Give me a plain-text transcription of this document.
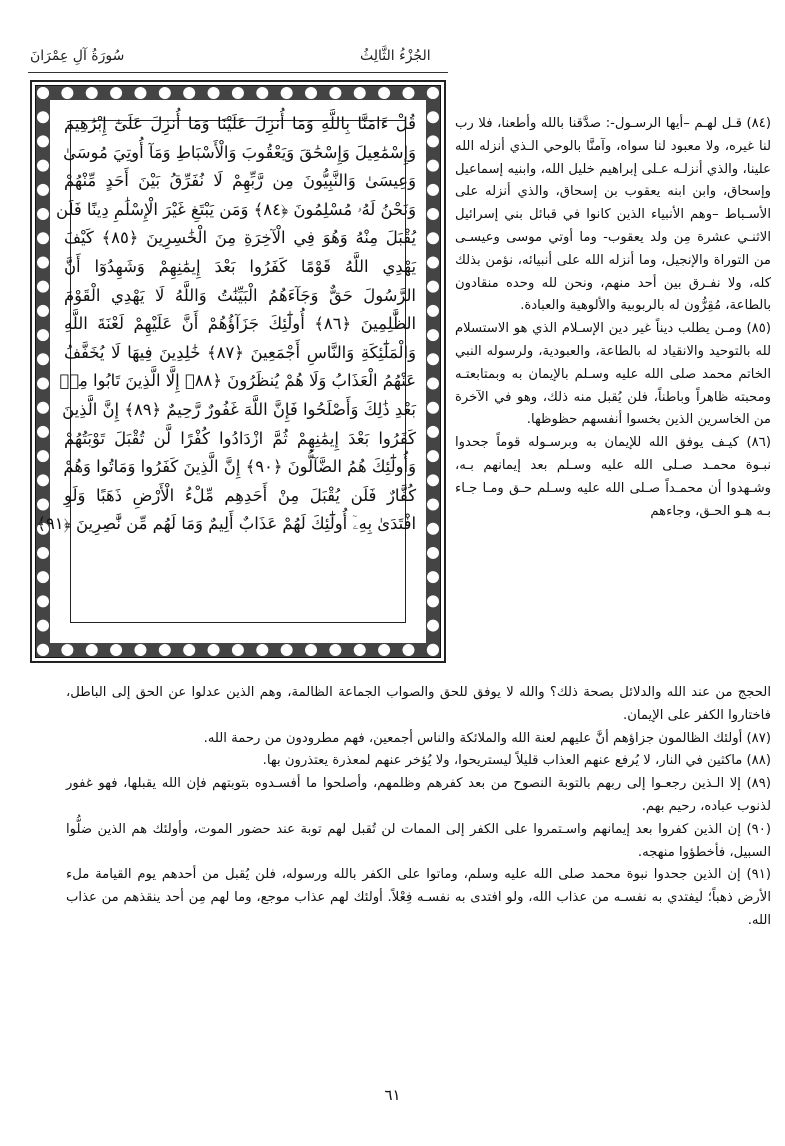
سُورَةُ آلِ عِمْرَانَ	الجُزْءُ الثَّالِثُ
قُلْ ءَامَنَّا بِاللَّهِ وَمَا أُنزِلَ عَلَيْنَا وَمَا أُنزِلَ عَلَىٰٓ إِبْرَٰهِيمَ
وَإِسْمَٰعِيلَ وَإِسْحَٰقَ وَيَعْقُوبَ وَالْأَسْبَاطِ وَمَآ أُوتِيَ مُوسَىٰ
وَعِيسَىٰ وَالنَّبِيُّونَ مِن رَّبِّهِمْ لَا نُفَرِّقُ بَيْنَ أَحَدٍ مِّنْهُمْ
وَنَحْنُ لَهُۥ مُسْلِمُونَ ﴿٨٤﴾ وَمَن يَبْتَغِ غَيْرَ الْإِسْلَٰمِ دِينًا فَلَن
يُقْبَلَ مِنْهُ وَهُوَ فِي الْآخِرَةِ مِنَ الْخَٰسِرِينَ ﴿٨٥﴾ كَيْفَ
يَهْدِي اللَّهُ قَوْمًا كَفَرُوا بَعْدَ إِيمَٰنِهِمْ وَشَهِدُوٓا أَنَّ
الرَّسُولَ حَقٌّ وَجَآءَهُمُ الْبَيِّنَٰتُ وَاللَّهُ لَا يَهْدِي الْقَوْمَ
الظَّٰلِمِينَ ﴿٨٦﴾ أُولَٰٓئِكَ جَزَآؤُهُمْ أَنَّ عَلَيْهِمْ لَعْنَةَ اللَّهِ
وَالْمَلَٰٓئِكَةِ وَالنَّاسِ أَجْمَعِينَ ﴿٨٧﴾ خَٰلِدِينَ فِيهَا لَا يُخَفَّفُ
عَنْهُمُ الْعَذَابُ وَلَا هُمْ يُنظَرُونَ ﴿٨٨﴾ إِلَّا الَّذِينَ تَابُوا مِنۢ
بَعْدِ ذَٰلِكَ وَأَصْلَحُوا فَإِنَّ اللَّهَ غَفُورٌ رَّحِيمٌ ﴿٨٩﴾ إِنَّ الَّذِينَ
كَفَرُوا بَعْدَ إِيمَٰنِهِمْ ثُمَّ ازْدَادُوا كُفْرًا لَّن تُقْبَلَ تَوْبَتُهُمْ
وَأُولَٰٓئِكَ هُمُ الضَّآلُّونَ ﴿٩٠﴾ إِنَّ الَّذِينَ كَفَرُوا وَمَاتُوا وَهُمْ
كُفَّارٌ فَلَن يُقْبَلَ مِنْ أَحَدِهِم مِّلْءُ الْأَرْضِ ذَهَبًا وَلَوِ
افْتَدَىٰ بِهِۦٓ أُولَٰٓئِكَ لَهُمْ عَذَابٌ أَلِيمٌ وَمَا لَهُم مِّن نَّٰصِرِينَ ﴿٩١﴾

(٨٤) قـل لهـم –أيها الرسـول-: صدَّقنا بالله وأطعنا، فلا رب لنا غيره، ولا معبود لنا سواه، وآمنَّا بالوحي الـذي أنزله الله علينا، والذي أنزلـه عـلى إبراهيم خليل الله، وابنيه إسماعيل وإسحاق، وابن ابنه يعقوب بن إسحاق، والذي أنزله على الأسـباط –وهم الأنبياء الذين كانوا في قبائل بني إسرائيل الاثنـي عشرة مِن ولد يعقوب- وما أوتي موسى وعيسـى من التوراة والإنجيل، وما أنزله الله على أنبيائه، نؤمن بذلك كله، ولا نفـرق بين أحد منهم، ونحن لله وحده منقادون بالطاعة، مُقِرُّون له بالربوبية والألوهية والعبادة.

(٨٥) ومـن يطلب ديناً غير دين الإسـلام الذي هو الاستسلام لله بالتوحيد والانقياد له بالطاعة، والعبودية، ولرسوله النبي الخاتم محمد صلى الله عليه وسـلم بالإيمان به وبمتابعتـه ومحبته ظاهراً وباطناً، فلن يُقبل منه ذلك، وهو في الآخرة من الخاسرين الذين بخسوا أنفسهم حظوظها.

(٨٦) كيـف يوفق الله للإيمان به وبرسـوله قوماً جحدوا نبـوة محمـد صـلى الله عليه وسـلم بعد إيمانهم بـه، وشـهدوا أن محمـداً صـلى الله عليه وسـلم حـق ومـا جـاء بـه هـو الحـق، وجاءهم

الحجج من عند الله والدلائل بصحة ذلك؟ والله لا يوفق للحق والصواب الجماعة الظالمة، وهم الذين عدلوا عن الحق إلى الباطل، فاختاروا الكفر على الإيمان.

(٨٧) أولئك الظالمون جزاؤهم أنَّ عليهم لعنة الله والملائكة والناس أجمعين، فهم مطرودون من رحمة الله.

(٨٨) ماكثين في النار، لا يُرفع عنهم العذاب قليلاً ليستريحوا، ولا يُؤخر عنهم لمعذرة يعتذرون بها.

(٨٩) إلا الـذين رجعـوا إلى ربهم بالتوبة النصوح من بعد كفرهم وظلمهم، وأصلحوا ما أفسـدوه بتوبتهم فإن الله يقبلها، فهو غفور لذنوب عباده، رحيم بهم.

(٩٠) إن الذين كفروا بعد إيمانهم واسـتمروا على الكفر إلى الممات لن تُقبل لهم توبة عند حضور الموت، وأولئك هم الذين ضلُّوا السبيل، فأخطؤوا منهجه.

(٩١) إن الذين جحدوا نبوة محمد صلى الله عليه وسلم، وماتوا على الكفر بالله ورسوله، فلن يُقبل من أحدهم يوم القيامة ملء الأرض ذهباً؛ ليفتدي به نفسـه من عذاب الله، ولو افتدى به نفسـه فِعْلاً. أولئك لهم عذاب موجع، وما لهم مِن أحد ينقذهم من عذاب الله.

٦١
